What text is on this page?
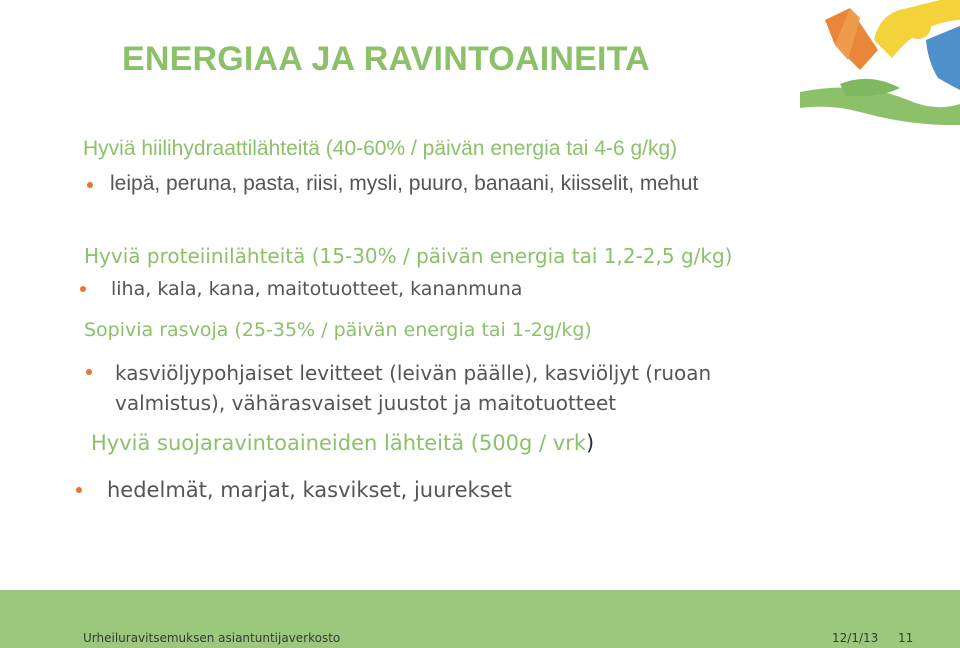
ENERGIAA JA RAVINTOAINEITA
Hyviä hiilihydraattilähteitä (40-60% / päivän energia tai 4-6 g/kg)
leipä, peruna, pasta, riisi, mysli, puuro, banaani, kiisselit, mehut
Hyviä proteiinilähteitä (15-30% / päivän energia tai 1,2-2,5 g/kg)
liha, kala, kana, maitotuotteet, kananmuna
Sopivia rasvoja (25-35% / päivän energia tai 1-2g/kg)
kasviöljypohjaiset levitteet (leivän päälle), kasviöljyt (ruoan
valmistus), vähärasvaiset juustot ja maitotuotteet
Hyviä suojaravintoaineiden lähteitä (500g / vrk)
hedelmät, marjat, kasvikset, juurekset
Urheiluravitsemuksen asiantuntijaverkosto	12/1/13 11
